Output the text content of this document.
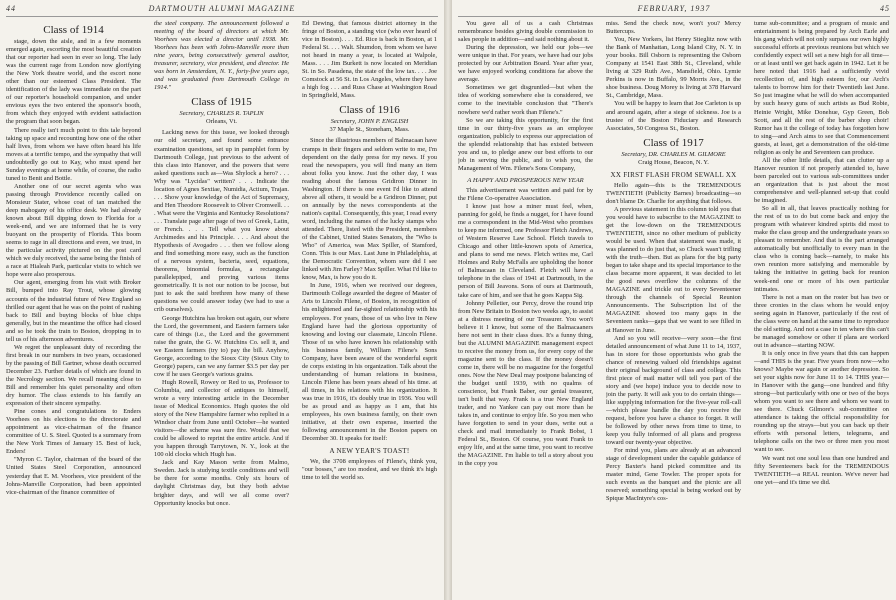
44	DARTMOUTH ALUMNI MAGAZINE
Class of 1914

stage, down the aisle, and in a few moments emerged again, escorting the most beautiful creation that our reporter had seen in ever so long. The lady was the current rage from London now glorifying the New York theatre world, and the escort none other than our esteemed Class President. The identification of the lady was immediate on the part of our reporter's household companion, and under envious eyes the two entered the sponsor's booth, from which they enjoyed with evident satisfaction the program that soon began.

There really isn't much point to this tale beyond taking up space and recounting how one of the other half lives, from whom we have often heard his life moves at a terrific tempo, and the sympathy that will undoubtedly go out to Kay, who must spend her Sunday evenings at home while, of course, the radio tuned to Benit and Bottle.

Another one of our secret agents who was passing through Providence recently called on Monsieur Stater, whose coat of tan matched the deep mahogany of his office desk. We had already known about Bill dipping down to Florida for a week-end, and we are informed that he is very buoyant on the prosperity of Florida. This boom seems to rage in all directions and even, we trust, in the particular activity pictured on the post card which we duly received, the same being the finish of a race at Hialeah Park, particular visits to which we hope were also prosperous.

Our agent, emerging from his visit with Broker Bill, bumped into Ray Trout, whose glowing accounts of the industrial future of New England so thrilled our agent that he was on the point of rushing back to Bill and buying blocks of blue chips generally, but in the meantime the office had closed and so he took the train to Boston, dropping in to tell us of his afternoon adventures.

We regret the unpleasant duty of recording the first break in our numbers in two years, occasioned by the passing of Bill Gartner, whose death occurred December 23. Further details of which are found in the Necrology section. We recall meaning close to Bill and remember his quiet personality and often dry humor. The class extends to his family an expression of their sincere sympathy.

Pine cones and congratulations to Enders Voorhees on his elections to the directorate and appointment as vice-chairman of the finance committee of U. S. Steel. Quoted is a summary from the New York Times of January 15. Best of luck, Enders!

"Myron C. Taylor, chairman of the board of the United States Steel Corporation, announced yesterday that E. M. Voorhees, vice president of the Johns-Manville Corporation, had been appointed vice-chairman of the finance committee of

the steel company. The announcement followed a meeting of the board of directors at which Mr. Voorhees was elected a director until 1938. Mr. Voorhees has been with Johns-Manville more than nine years, being consecutively general auditor, treasurer, secretary, vice president, and director. He was born in Amsterdam, N. Y., forty-five years ago, and was graduated from Dartmouth College in 1914."

Class of 1915

Secretary, CHARLES R. TAPLIN

Orleans, Vt.

Lacking news for this issue, we looked through our old secretary, and found some entrance examination questions, set up in pamphlet form by Dartmouth College, just previous to the advent of this class into Hanover, and the powers that were asked questions such as—Was Shylock a hero? . . . Why was "Lycidas" written? . . . Indicate the location of Agnes Sextiae, Numidia, Actium, Trajan. . . . Show your knowledge of the Act of Supremacy, and Hen Theodore Roosevelt to Oliver Cromwell. . . . What were the Virginia and Kentucky Resolutions? . . . Translate page after page of two of Greek, Latin, or French. . . . Tell what you know about Archimedes and his Principle. . . . And about the Hypothesis of Avogadro . . . then we follow along and find something more easy, such as the function of a nervous system, bacteria, seed, equations, theorems, binomial formulas, a rectangular parallelepiped, and proving various items geometrically. It is not our notion to be jocose, but just to ask the said brethren how many of these questions we could answer today (we had to use a crib ourselves).

George Hutchins has broken out again, our where the Lord, the government, and Eastern farmers take care of things (i.e., the Lord and the government raise the grain, the G. W. Hutchins Co. sell it, and we Eastern farmers (try to) pay the bill. Anyhow, George, according to the Sioux City (Sioux City to George) papers, can we any farmer $3.5 per day per cow if he uses George's various grains.

Hugh Rowell, Rowey or Red to us, Professor to Columbia, and collector of antiques to himself, wrote a very interesting article in the December issue of Medical Economics. Hugh quotes the old story of the New Hampshire farmer who replied in a Windsor chair from June until October—he wanted visitors—the scheme was sure fire. Would that we could be allowed to reprint the entire article. And if you happen through Tarrytown, N. Y., look at the 100 old clocks which Hugh has.

Jack and Kay Mason write from Malmo, Sweden. Jack is studying textile conditions and will be there for some months. Only six hours of daylight Christmas day, but they both advise brighter days, and will we all come over? Opportunity knocks but once.

Ed Dewing, that famous district attorney in the fringe of Boston, a standing vice (who ever heard of vice in Boston). . . . Ed. Rice is back in Boston, at 1 Federal St. . . . Walt. Shumdon, from whom we have not heard in many a year, is located at Walpole, Mass. . . . Jim Burkett is now located on Meridian St. in So. Pasadena, the state of the low tax. . . . Joe Comstock at 56 St. in Los Angeles, where they have a high fog . . . and Russ Chase at Washington Road in Springfield, Mass.

Class of 1916

Secretary, JOHN P. ENGLISH

37 Maple St., Stoneham, Mass.

Since the illustrious members of Balmacaan have cramps in their fingers and seldom write to me, I'm dependent on the daily press for my news. If you read the newspapers, you will find many an item about folks you know. Just the other day, I was reading about the famous Gridiron Dinner in Washington. If there is one event I'd like to attend above all others, it would be a Gridiron Dinner, put on annually by the news correspondents at the nation's capital. Consequently, this year, I read every word, including the names of the lucky stamps who attended. There, listed with the President, members of the Cabinet, United States Senators, the "Who is Who" of America, was Max Spiller, of Stamford, Conn. This is our Max. Last June in Philadelphia, at the Democratic Convention, whom sure did I see linked with Jim Farley? Max Spiller. What I'd like to know, Max, is how you do it.

In June, 1916, when we received our degrees, Dartmouth College awarded the degree of Master of Arts to Lincoln Filene, of Boston, in recognition of his enlightened and far-sighted relationship with his employees. For years, those of us who live in New England have had the glorious opportunity of knowing and loving our classmate, Lincoln Filene. Those of us who have known his relationship with his business family, William Filene's Sons Company, have been aware of the wonderful esprit de corps existing in his organization. Talk about the understanding of human relations in business, Lincoln Filene has been years ahead of his time. at all times, in his relations with his organization. It was true in 1916, it's doubly true in 1936. You will be as proud and as happy as I am, that his employees, his own business family, on their own initiative, at their own expense, inserted the following announcement in the Boston papers on December 30. It speaks for itself:

A NEW YEAR'S TOAST!

We, the 3708 employees of Filene's, think you, "our bosses," are too modest, and we think it's high time to tell the world so.

FEBRUARY, 1937	45

You gave all of us a cash Christmas remembrance besides giving double commission to sales people in addition—and said nothing about it.

During the depression, we held our jobs—we were unique in that. For years, we have had our jobs protected by our Arbitration Board. Year after year, we have enjoyed working conditions far above the average.

Sometimes we get disgruntled—but when the idea of working somewhere else is considered, we come to the inevitable conclusion that "There's nowhere we'd rather work than Filene's."

So we are taking this opportunity, for the first time in our thirty-five years as an employee organization, publicly to express our appreciation of the splendid relationship that has existed between you and us, to pledge anew our best efforts to our job in serving the public, and to wish you, the Management of Wm. Filene's Sons Company,

A HAPPY AND PROSPEROUS NEW YEAR

This advertisement was written and paid for by the Filene Co-operative Association.

I know just how a miner must feel, when, panning for gold, he finds a nugget, for I have found me a correspondent in the Mid-West who promises to keep me informed, one Professor Fletch Andrews, of Western Reserve Law School. Fletch travels to Chicago and other little-known spots of America, and plans to send me news. Fletch writes me, Carl Holmes and Ruby McFalls are upholding the honor of Balmacaan in Cleveland. Fletch will have a telephone in the class of 1941 at Dartmouth, in the person of Bill Jeavons. Sons of ours at Dartmouth, take care of him, and see that he goes Kappa Sig.

Johnny Pelletier, our Percy, drove the round trip from New Britain to Boston two weeks ago, to assist at a distress meeting of our Treasurer. You won't believe it I know, but some of the Balmacaaners here not sent in their class dues. It's a funny thing, but the ALUMNI MAGAZINE management expect to receive the money from us, for every copy of the magazine sent to the class. If the money doesn't come in, there will be no magazine for the forgetful ones. Now the New Deal may postpone balancing of the budget until 1939, with no qualms of conscience, but Frank Baber, our genial treasurer, isn't built that way. Frank is a true New England trader, and no Yankee can pay out more than he takes in, and continue to enjoy life. So you men who have forgotten to send in your dues, write out a check and mail immediately to Frank Bobst, 1 Federal St., Boston. Of course, you want Frank to enjoy life, and at the same time, you want to receive the MAGAZINE. I'm liable to tell a story about you in the copy you

miss. Send the check now, won't you? Mercy Buttercups.

You, New Yorkers, list Henry Stieglitz now with the Bank of Manhattan, Long Island City, N. Y. in your books. Bill Osborn is representing the Osborn Company at 1541 East 38th St., Cleveland, while living at 329 Ruth Ave., Mansfield, Ohio. Lymie Perkins is now in Buffalo, 99 Morris Ave., in the shoe business. Doug Morey is living at 378 Harvard St., Cambridge, Mass.

You will be happy to learn that Joe Carleton is up and around again, after a siege of sickness. Joe is a trustee of the Boston Fiduciary and Research Associates, 50 Congress St., Boston.

Class of 1917

Secretary, DR. CHARLES M. GILMORE

Craig House, Beacon, N. Y.

XX FIRST FLASH FROM SEWALL XX

Hello again—this is the TREMENDOUS TWENTIETH (Publicity Barnes) broadcasting—so don't blame Dr. Charlie for anything that follows.

A previous statement in this column told you that you would have to subscribe to the MAGAZINE to get the low-down on the TREMENDOUS TWENTIETH, since no other medium of publicity would be used. When that statement was made, it was planned to do just that, so Chuck wasn't trifling with the truth—then. But as plans for the big party began to take shape and its special importance to the class became more apparent, it was decided to let the good news overflow the columns of the MAGAZINE and trickle out to every Seventeener through the channels of Special Reunion Announcements. The Subscription list of the MAGAZINE showed too many gaps in the Seventeen ranks—gaps that we want to see filled in at Hanover in June.

And so you will receive—very soon—the first detailed announcement of what June 11 to 14, 1937, has in store for those opportunists who grab the chance of renewing valued old friendships against their original background of class and college. This first piece of mail matter will tell you part of the story and (we hope) induce you to decide now to join the party. It will ask you to do certain things—like supplying information for the five-year roll-call—which please handle the day you receive the request, before you have a chance to forget. It will be followed by other news from time to time, to keep you fully informed of all plans and progress toward our twenty-year objective.

For mind you, plans are already at an advanced stage of development under the capable guidance of Percy Baxter's hand picked committee and its master mind, Gene Towler. The proper spots for such events as the banquet and the picnic are all reserved; something special is being worked out by Spique MacIntyre's cos-

tume sub-committee; and a program of music and entertainment is being prepared by Arch Earle and his gang which will not only surpass our own highly successful efforts at previous reunions but which we confidently expect will set a new high for all time—or at least until we get back again in 1942. Let it be here noted that 1916 had a sufficiently vivid recollection of, and high esteem for, our Arch's talents to borrow him for their Twentieth last June. So just imagine what he will do when accompanied by such heavy guns of such artists as Bud Robie, Heinie Wright, Mike Donehue, Gyp Green, Bob Scott, and all the rest of the barber shop choir! Rumor has it the college of today has forgotten how to sing—and Arch aims to see that Commencement guests, at least, get a demonstration of the old-time religion as only he and Seventeen can produce.

All the other little details, that can clutter up a Hanover reunion if not properly attended to, have been parceled out to various sub-committees under an organization that is just about the most comprehensive and well-planned set-up that could be imagined.

So all in all, that leaves practically nothing for the rest of us to do but come back and enjoy the program with whatever kindred spirits did most to make the class group and the undergraduate years so pleasant to remember. And that is the part arranged automatically but unofficially to every man in the class who is coming back—namely, to make his own reunion more satisfying and memorable by taking the initiative in getting back for reunion week-end one or more of his own particular intimates.

There is not a man on the roster but has two or three cronies in the class whom he would enjoy seeing again in Hanover, particularly if the rest of the class were on hand at the same time to reproduce the old setting. And not a case in ten where this can't be managed somehow or other if plans are worked out in advance—starting NOW.

It is only once in five years that this can happen—and THIS is the year. Five years from now—who knows? Maybe war again or another depression. So set your sights now for June 11 to 14. THIS year—in Hanover with the gang—one hundred and fifty strong—but particularly with one or two of the boys whom you want to see there and whom we want to see there. Chuck Gilmore's sub-committee on attendance is taking the official responsibility for rounding up the strays—but you can back up their efforts with personal letters, telegrams, and telephone calls on the two or three men you most want to see.

We want not one soul less than one hundred and fifty Seventeeners back for the TREMENDOUS TWENTIETH—a REAL reunion. We've never had one yet—and it's time we did.
